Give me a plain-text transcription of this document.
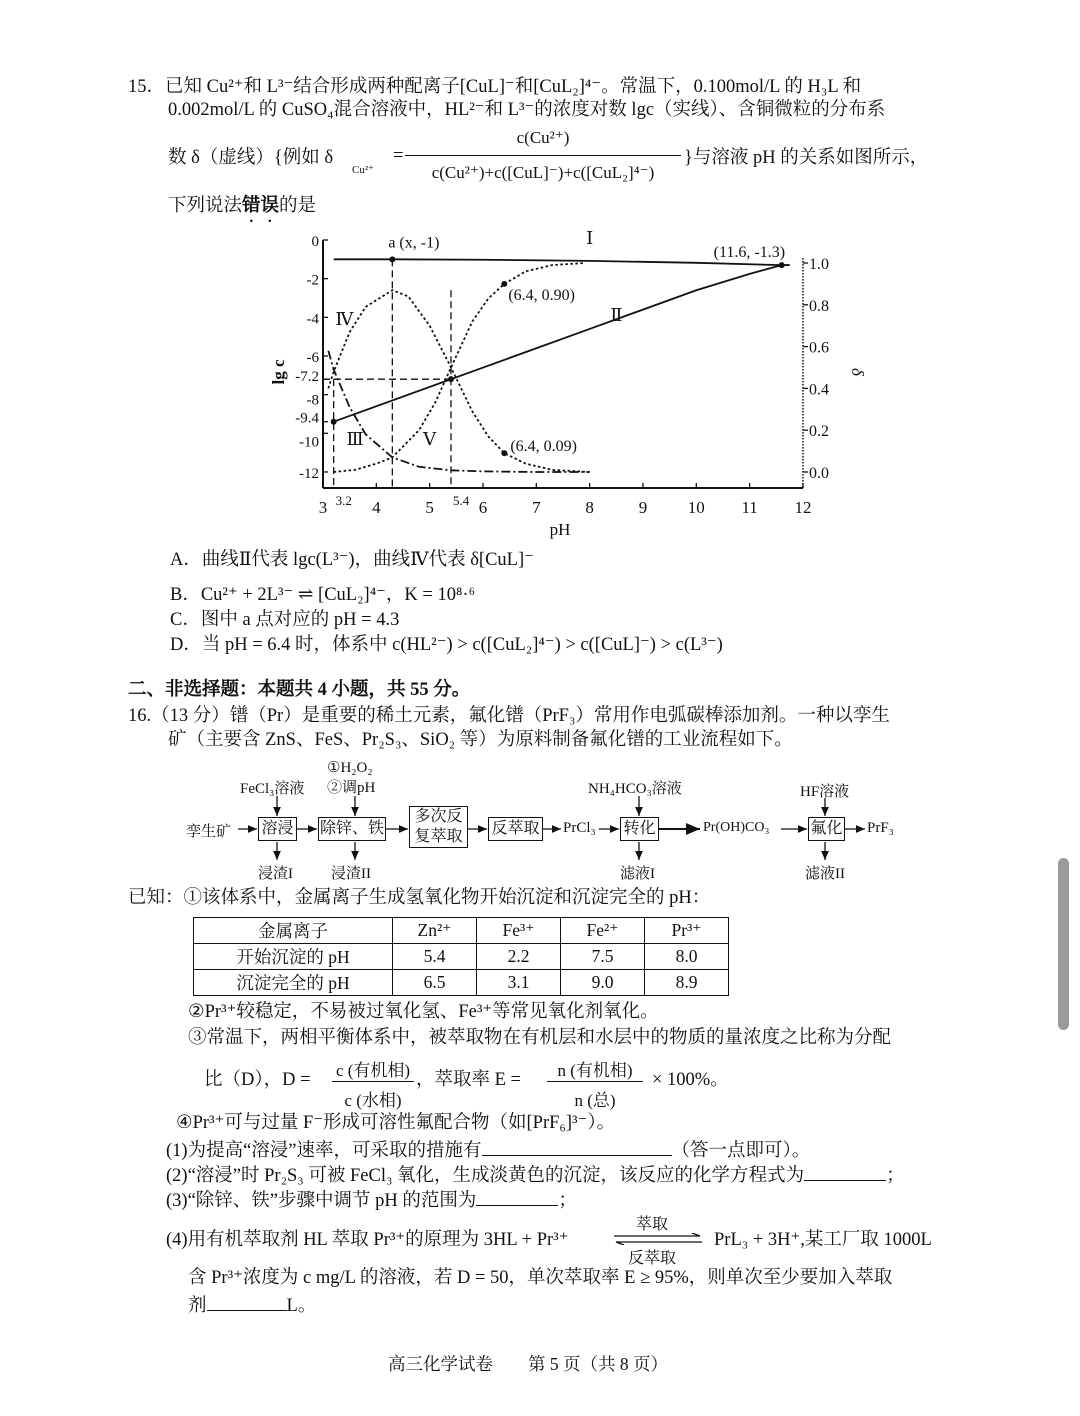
15．已知 Cu²⁺和 L³⁻结合形成两种配离子[CuL]⁻和[CuL₂]⁴⁻。常温下，0.100mol/L 的 H₃L 和
0.002mol/L 的 CuSO₄混合溶液中，HL²⁻和 L³⁻的浓度对数 lgc（实线）、含铜微粒的分布系
数 δ（虚线）{例如 δ
Cu²⁺
=
c(Cu²⁺)
c(Cu²⁺)+c([CuL]⁻)+c([CuL₂]⁴⁻)
}与溶液 pH 的关系如图所示，
下列说法错误的是
0
-2
-4
-6
-7.2
-8
-9.4
-10
-12
3	4	5	6	7	8	9 10 11 12
3.2	5.4
1.0
0.8
0.6
0.4
0.2
0.0
lg c	δ
pH
a (x, -1)
(11.6, -1.3)
(6.4, 0.90)
(6.4, 0.09)
Ⅰ
Ⅱ
Ⅲ
Ⅳ
Ⅴ
A．曲线Ⅱ代表 lgc(L³⁻)，曲线Ⅳ代表 δ[CuL]⁻
B．Cu²⁺ + 2L³⁻ ⇌ [CuL₂]⁴⁻，K = 10⁸·⁶
C．图中 a 点对应的 pH = 4.3
D．当 pH = 6.4 时，体系中 c(HL²⁻) > c([CuL₂]⁴⁻) > c([CuL]⁻) > c(L³⁻)
二、非选择题：本题共 4 小题，共 55 分。
16.（13 分）镨（Pr）是重要的稀土元素，氟化镨（PrF₃）常用作电弧碳棒添加剂。一种以孪生
矿（主要含 ZnS、FeS、Pr₂S₃、SiO₂ 等）为原料制备氟化镨的工业流程如下。
孪生矿 溶浸 除锌、铁
多次反
复萃取 反萃取 PrCl₃ 转化	Pr(OH)CO₃	氟化 PrF₃
FeCl₃溶液
①H₂O₂
②调pH	NH₄HCO₃溶液	HF溶液
浸渣I	浸渣II	滤液I	滤液II
已知：①该体系中，金属离子生成氢氧化物开始沉淀和沉淀完全的 pH：
金属离子	Zn²⁺	Fe³⁺	Fe²⁺	Pr³⁺
开始沉淀的 pH	5.4	2.2	7.5	8.0
沉淀完全的 pH	6.5	3.1	9.0	8.9
②Pr³⁺较稳定，不易被过氧化氢、Fe³⁺等常见氧化剂氧化。
③常温下，两相平衡体系中，被萃取物在有机层和水层中的物质的量浓度之比称为分配
比（D），D = c (有机相)
c (水相)
，萃取率 E =	n (有机相)
n (总)
× 100%。
④Pr³⁺可与过量 F⁻形成可溶性氟配合物（如[PrF₆]³⁻）。
(1)为提高“溶浸”速率，可采取的措施有	（答一点即可）。
(2)“溶浸”时 Pr₂S₃ 可被 FeCl₃ 氧化，生成淡黄色的沉淀，该反应的化学方程式为	；
(3)“除锌、铁”步骤中调节 pH 的范围为	；
(4)用有机萃取剂 HL 萃取 Pr³⁺的原理为 3HL + Pr³⁺
萃取
反萃取
PrL₃ + 3H⁺,某工厂取 1000L
含 Pr³⁺浓度为 c mg/L 的溶液，若 D = 50，单次萃取率 E ≥ 95%，则单次至少要加入萃取
剂	L。
高三化学试卷　　第 5 页（共 8 页）
